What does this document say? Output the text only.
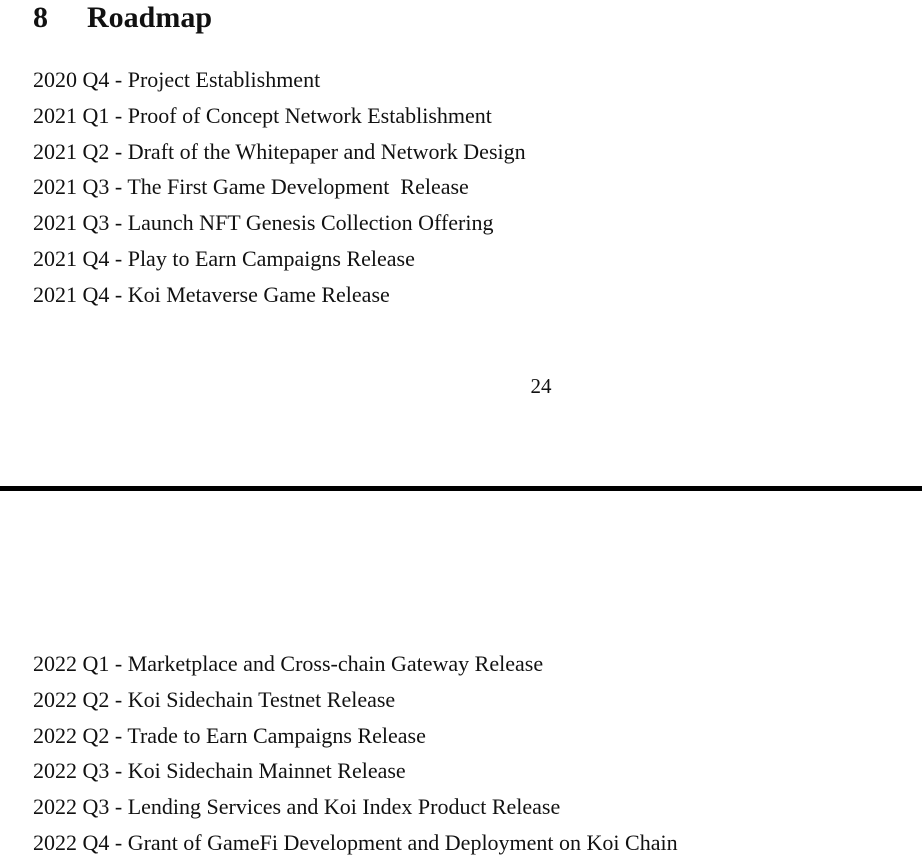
8	Roadmap
2020 Q4 - Project Establishment
2021 Q1 - Proof of Concept Network Establishment
2021 Q2 - Draft of the Whitepaper and Network Design
2021 Q3 - The First Game Development  Release
2021 Q3 - Launch NFT Genesis Collection Offering
2021 Q4 - Play to Earn Campaigns Release
2021 Q4 - Koi Metaverse Game Release
24
2022 Q1 - Marketplace and Cross-chain Gateway Release
2022 Q2 - Koi Sidechain Testnet Release
2022 Q2 - Trade to Earn Campaigns Release
2022 Q3 - Koi Sidechain Mainnet Release
2022 Q3 - Lending Services and Koi Index Product Release
2022 Q4 - Grant of GameFi Development and Deployment on Koi Chain
